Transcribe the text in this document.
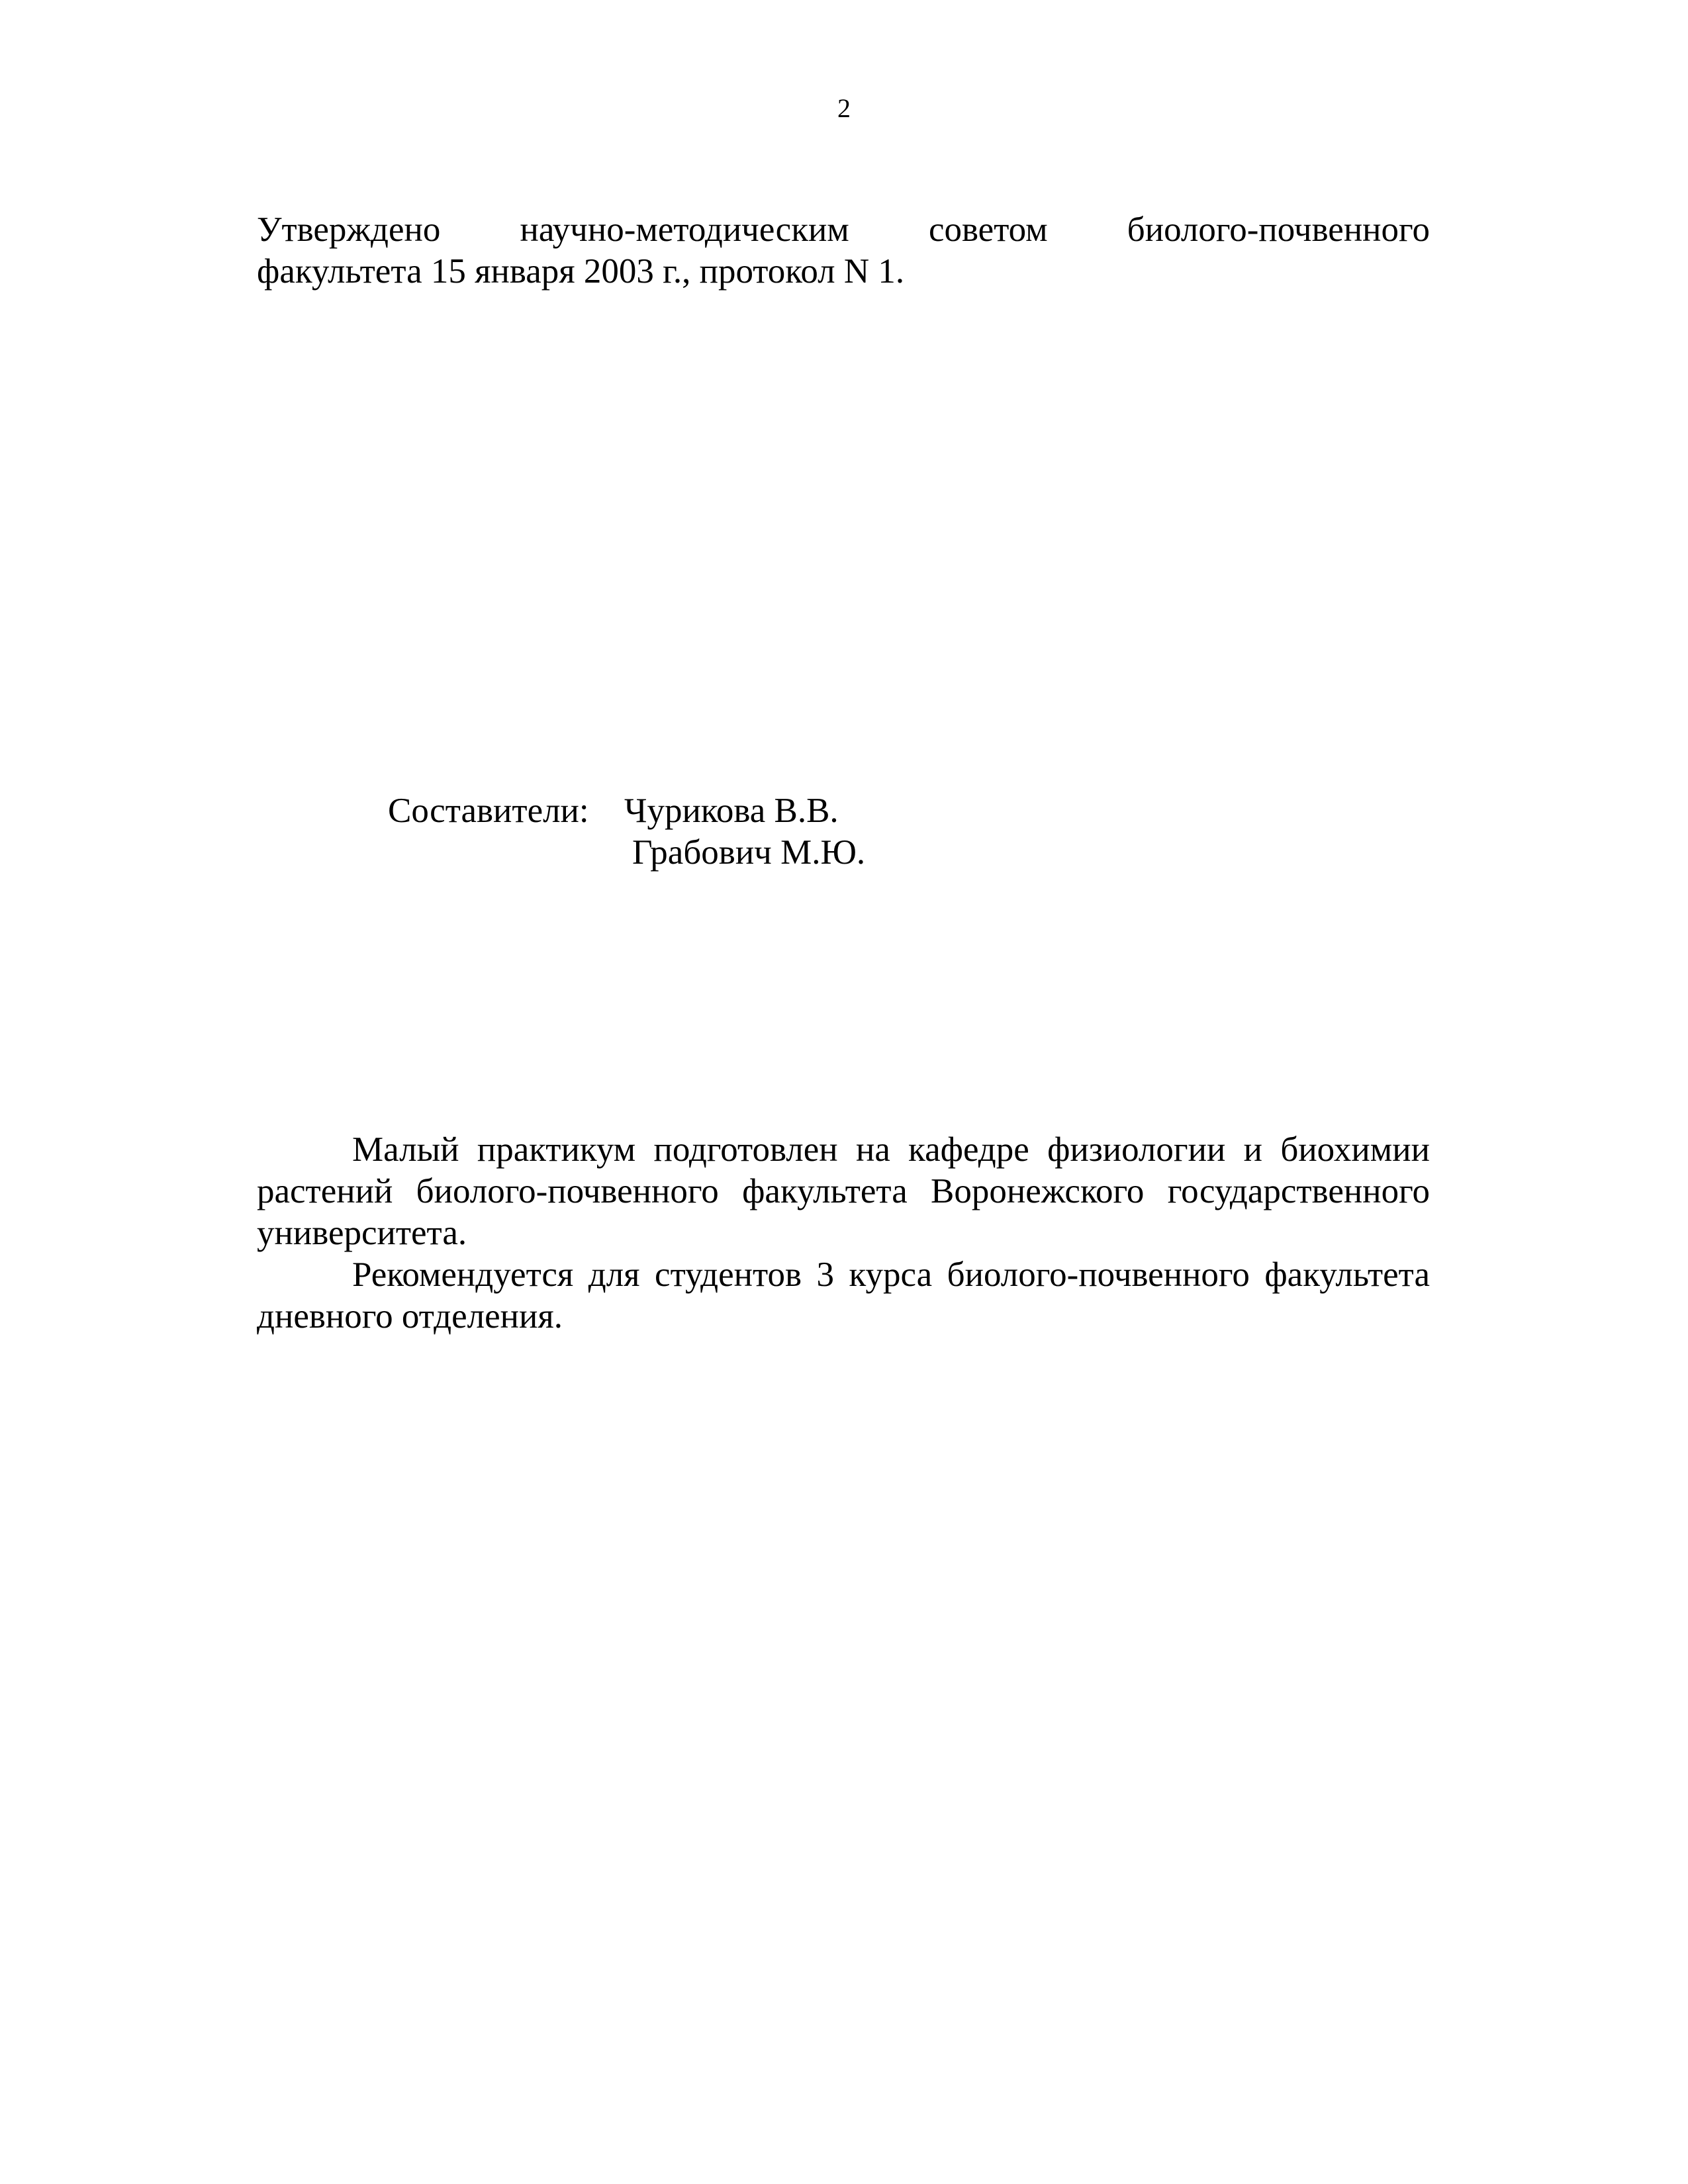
2
Утверждено научно-методическим советом биолого-почвенного
факультета 15 января 2003 г., протокол N 1.
Составители:	Чурикова В.В.
Грабович М.Ю.

Малый практикум подготовлен на кафедре физиологии и биохимии растений биолого-почвенного факультета Воронежского государственного университета.

Рекомендуется для студентов 3 курса биолого-почвенного факультета дневного отделения.
